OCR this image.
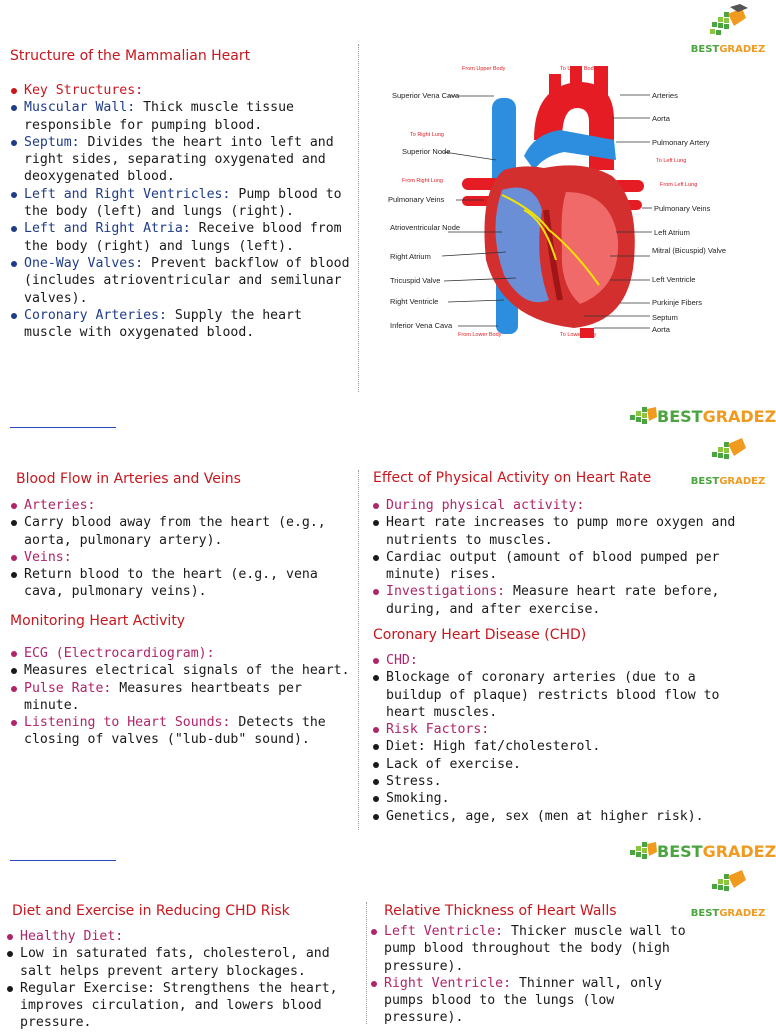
BESTGRADEZ
BESTGRADEZ
BESTGRADEZ
BESTGRADEZ
BESTGRADEZ
Structure of the Mammalian Heart
Key Structures:
Muscular Wall: Thick muscle tissue responsible for pumping blood.
Septum: Divides the heart into left and right sides, separating oxygenated and deoxygenated blood.
Left and Right Ventricles: Pump blood to the body (left) and lungs (right).
Left and Right Atria: Receive blood from the body (right) and lungs (left).
One-Way Valves: Prevent backflow of blood (includes atrioventricular and semilunar valves).
Coronary Arteries: Supply the heart muscle with oxygenated blood.
Superior Vena Cava
Superior Node
Pulmonary Veins
Atrioventricular Node
Right Atrium
Tricuspid Valve
Right Ventricle
Inferior Vena Cava
To Right Lung
From Right Lung
From Upper Body	To Upper Body
From Lower Body	To Lower Body
To Left Lung
From Left Lung
Arteries
Aorta
Pulmonary Artery
Pulmonary Veins
Left Atrium
Mitral (Bicuspid) Valve
Left Ventricle
Purkinje Fibers
Septum
Aorta
Blood Flow in Arteries and Veins
Arteries:
Carry blood away from the heart (e.g., aorta, pulmonary artery).
Veins:
Return blood to the heart (e.g., vena cava, pulmonary veins).
Monitoring Heart Activity
ECG (Electrocardiogram):
Measures electrical signals of the heart.
Pulse Rate: Measures heartbeats per minute.
Listening to Heart Sounds: Detects the closing of valves ("lub-dub" sound).
Effect of Physical Activity on Heart Rate
During physical activity:
Heart rate increases to pump more oxygen and nutrients to muscles.
Cardiac output (amount of blood pumped per minute) rises.
Investigations: Measure heart rate before, during, and after exercise.
Coronary Heart Disease (CHD)
CHD:
Blockage of coronary arteries (due to a buildup of plaque) restricts blood flow to heart muscles.
Risk Factors:
Diet: High fat/cholesterol.
Lack of exercise.
Stress.
Smoking.
Genetics, age, sex (men at higher risk).
Diet and Exercise in Reducing CHD Risk
Healthy Diet:
Low in saturated fats, cholesterol, and salt helps prevent artery blockages.
Regular Exercise: Strengthens the heart, improves circulation, and lowers blood pressure.
Relative Thickness of Heart Walls
Left Ventricle: Thicker muscle wall to pump blood throughout the body (high pressure).
Right Ventricle: Thinner wall, only pumps blood to the lungs (low pressure).
